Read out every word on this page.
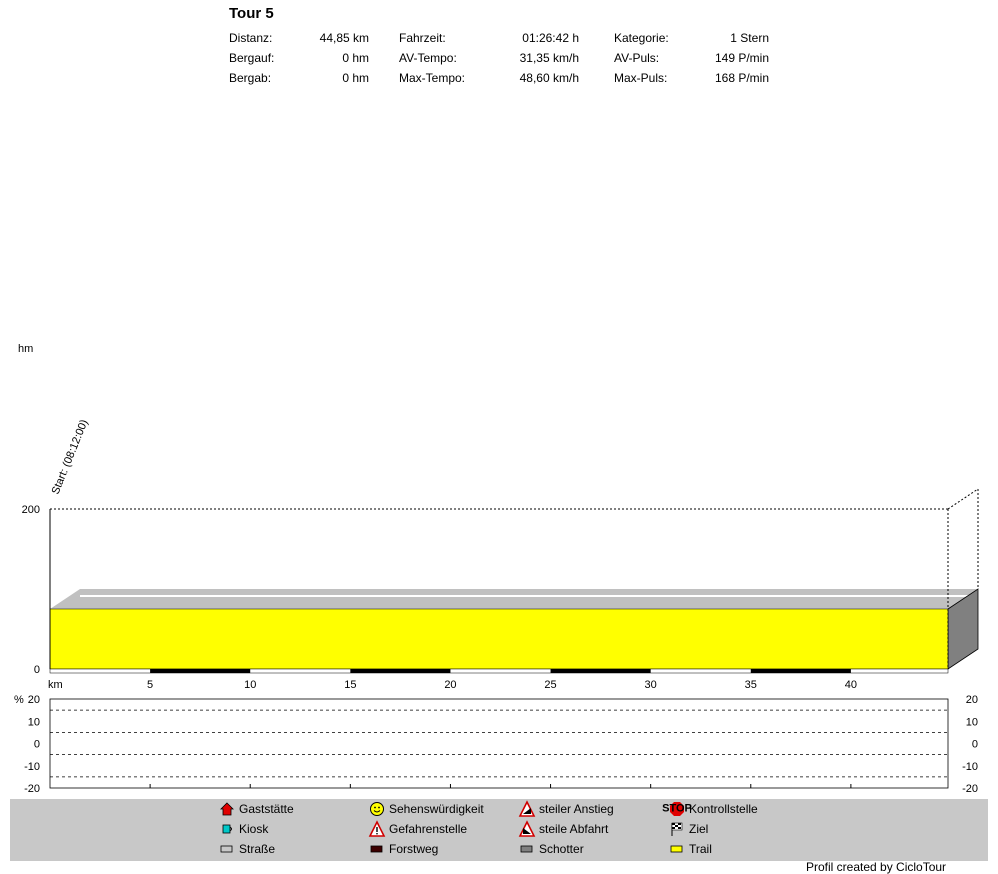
Tour 5
Distanz:	44,85 km	Fahrzeit:	01:26:42 h	Kategorie:	1 Stern
Bergauf:	0 hm	AV-Tempo:	31,35 km/h	AV-Puls:	149 P/min
Bergab:	0 hm	Max-Tempo:	48,60 km/h	Max-Puls:	168 P/min
hm
0
200
km	5	10	15	20	25	30	35	40
Start: (08:12:00)
% 20	20
10	10
0	0
-10	-10
-20	-20
Gaststätte	Sehenswürdigkeit	steiler Anstieg	STOP
Kontrollstelle
Kiosk	Gefahrenstelle	steile Abfahrt	Ziel
Straße	Forstweg	Schotter	Trail
Profil created by CicloTour
